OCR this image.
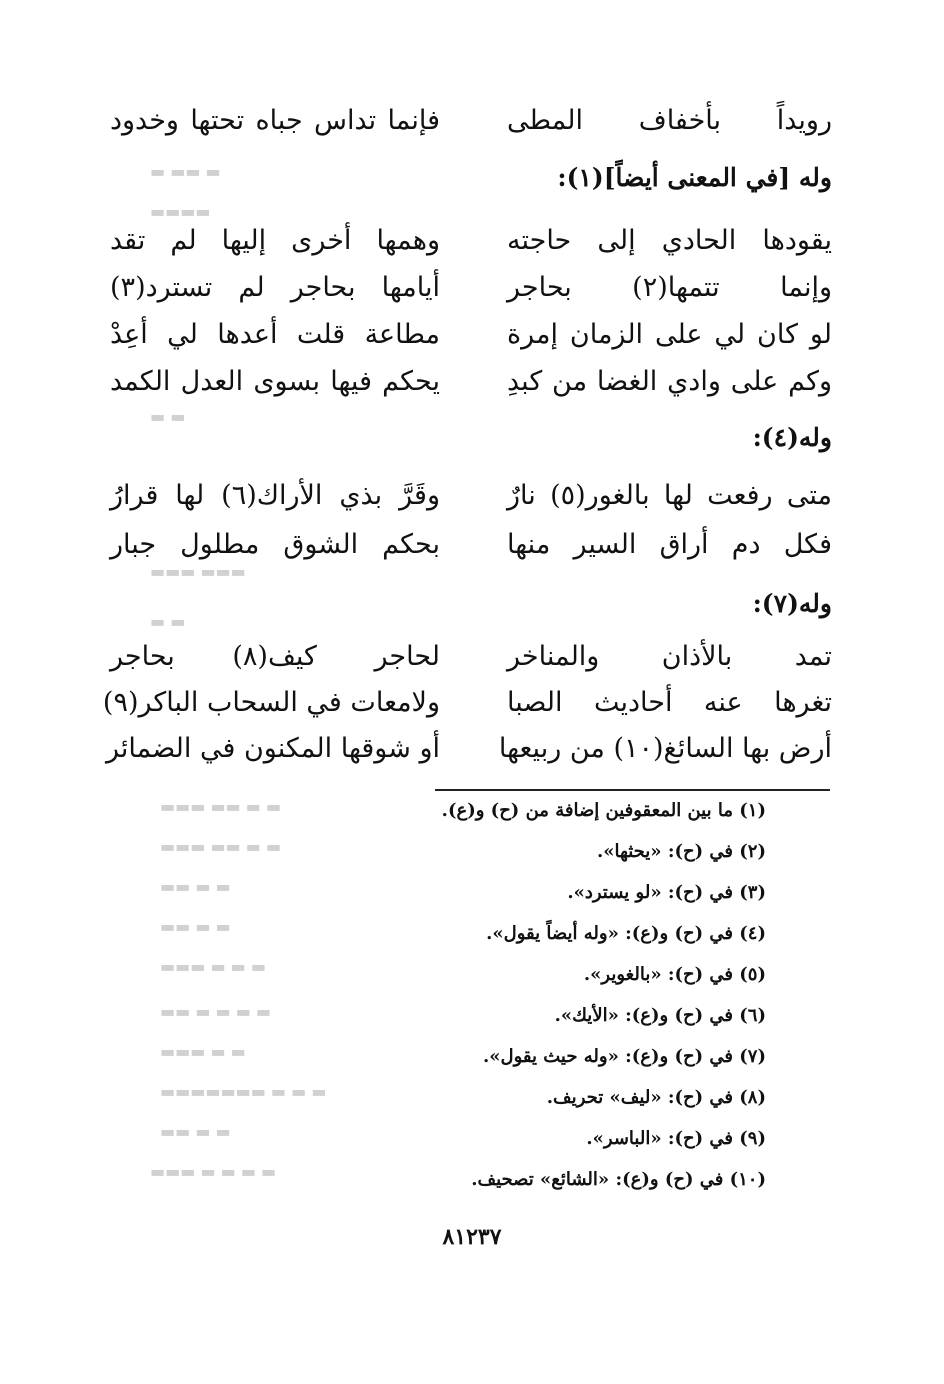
▬ ▬▬ ▬
▬▬▬▬
▬ ▬
▬▬▬ ▬▬▬
▬ ▬
▬ ▬ ▬▬ ▬▬▬
▬ ▬ ▬▬ ▬▬▬
▬ ▬ ▬▬
▬ ▬ ▬▬
▬ ▬ ▬ ▬▬▬
▬ ▬ ▬ ▬ ▬▬
▬ ▬ ▬▬▬
▬ ▬ ▬ ▬▬▬▬▬▬▬
▬ ▬ ▬▬
▬ ▬ ▬ ▬ ▬▬▬
رويداً بأخفاف المطى
فإنما تداس جباه تحتها وخدود
وله [في المعنى أيضاً](١):
يقودها الحادي إلى حاجته
وهمها أخرى إليها لم تقد
وإنما تتمها(٢) بحاجر
أيامها بحاجر لم تسترد(٣)
لو كان لي على الزمان إمرة
مطاعة قلت أعدها لي أعِدْ
وكم على وادي الغضا من كبدِ
يحكم فيها بسوى العدل الكمد
وله(٤):
متى رفعت لها بالغور(٥) نارٌ
وقَرَّ بذي الأراك(٦) لها قرارُ
فكل دم أراق السير منها
بحكم الشوق مطلول جبار
وله(٧):
تمد بالأذان والمناخر
لحاجر كيف(٨) بحاجر
تغرها عنه أحاديث الصبا
ولامعات في السحاب الباكر(٩)
أرض بها السائغ(١٠) من ربيعها
أو شوقها المكنون في الضمائر
(١) ما بين المعقوفين إضافة من (ح) و(ع).
(٢) في (ح): «يحثها».
(٣) في (ح): «لو يسترد».
(٤) في (ح) و(ع): «وله أيضاً يقول».
(٥) في (ح): «بالغوير».
(٦) في (ح) و(ع): «الأيك».
(٧) في (ح) و(ع): «وله حيث يقول».
(٨) في (ح): «ليف» تحريف.
(٩) في (ح): «الباسر».
(١٠) في (ح) و(ع): «الشائع» تصحيف.
٨١٢٣٧
